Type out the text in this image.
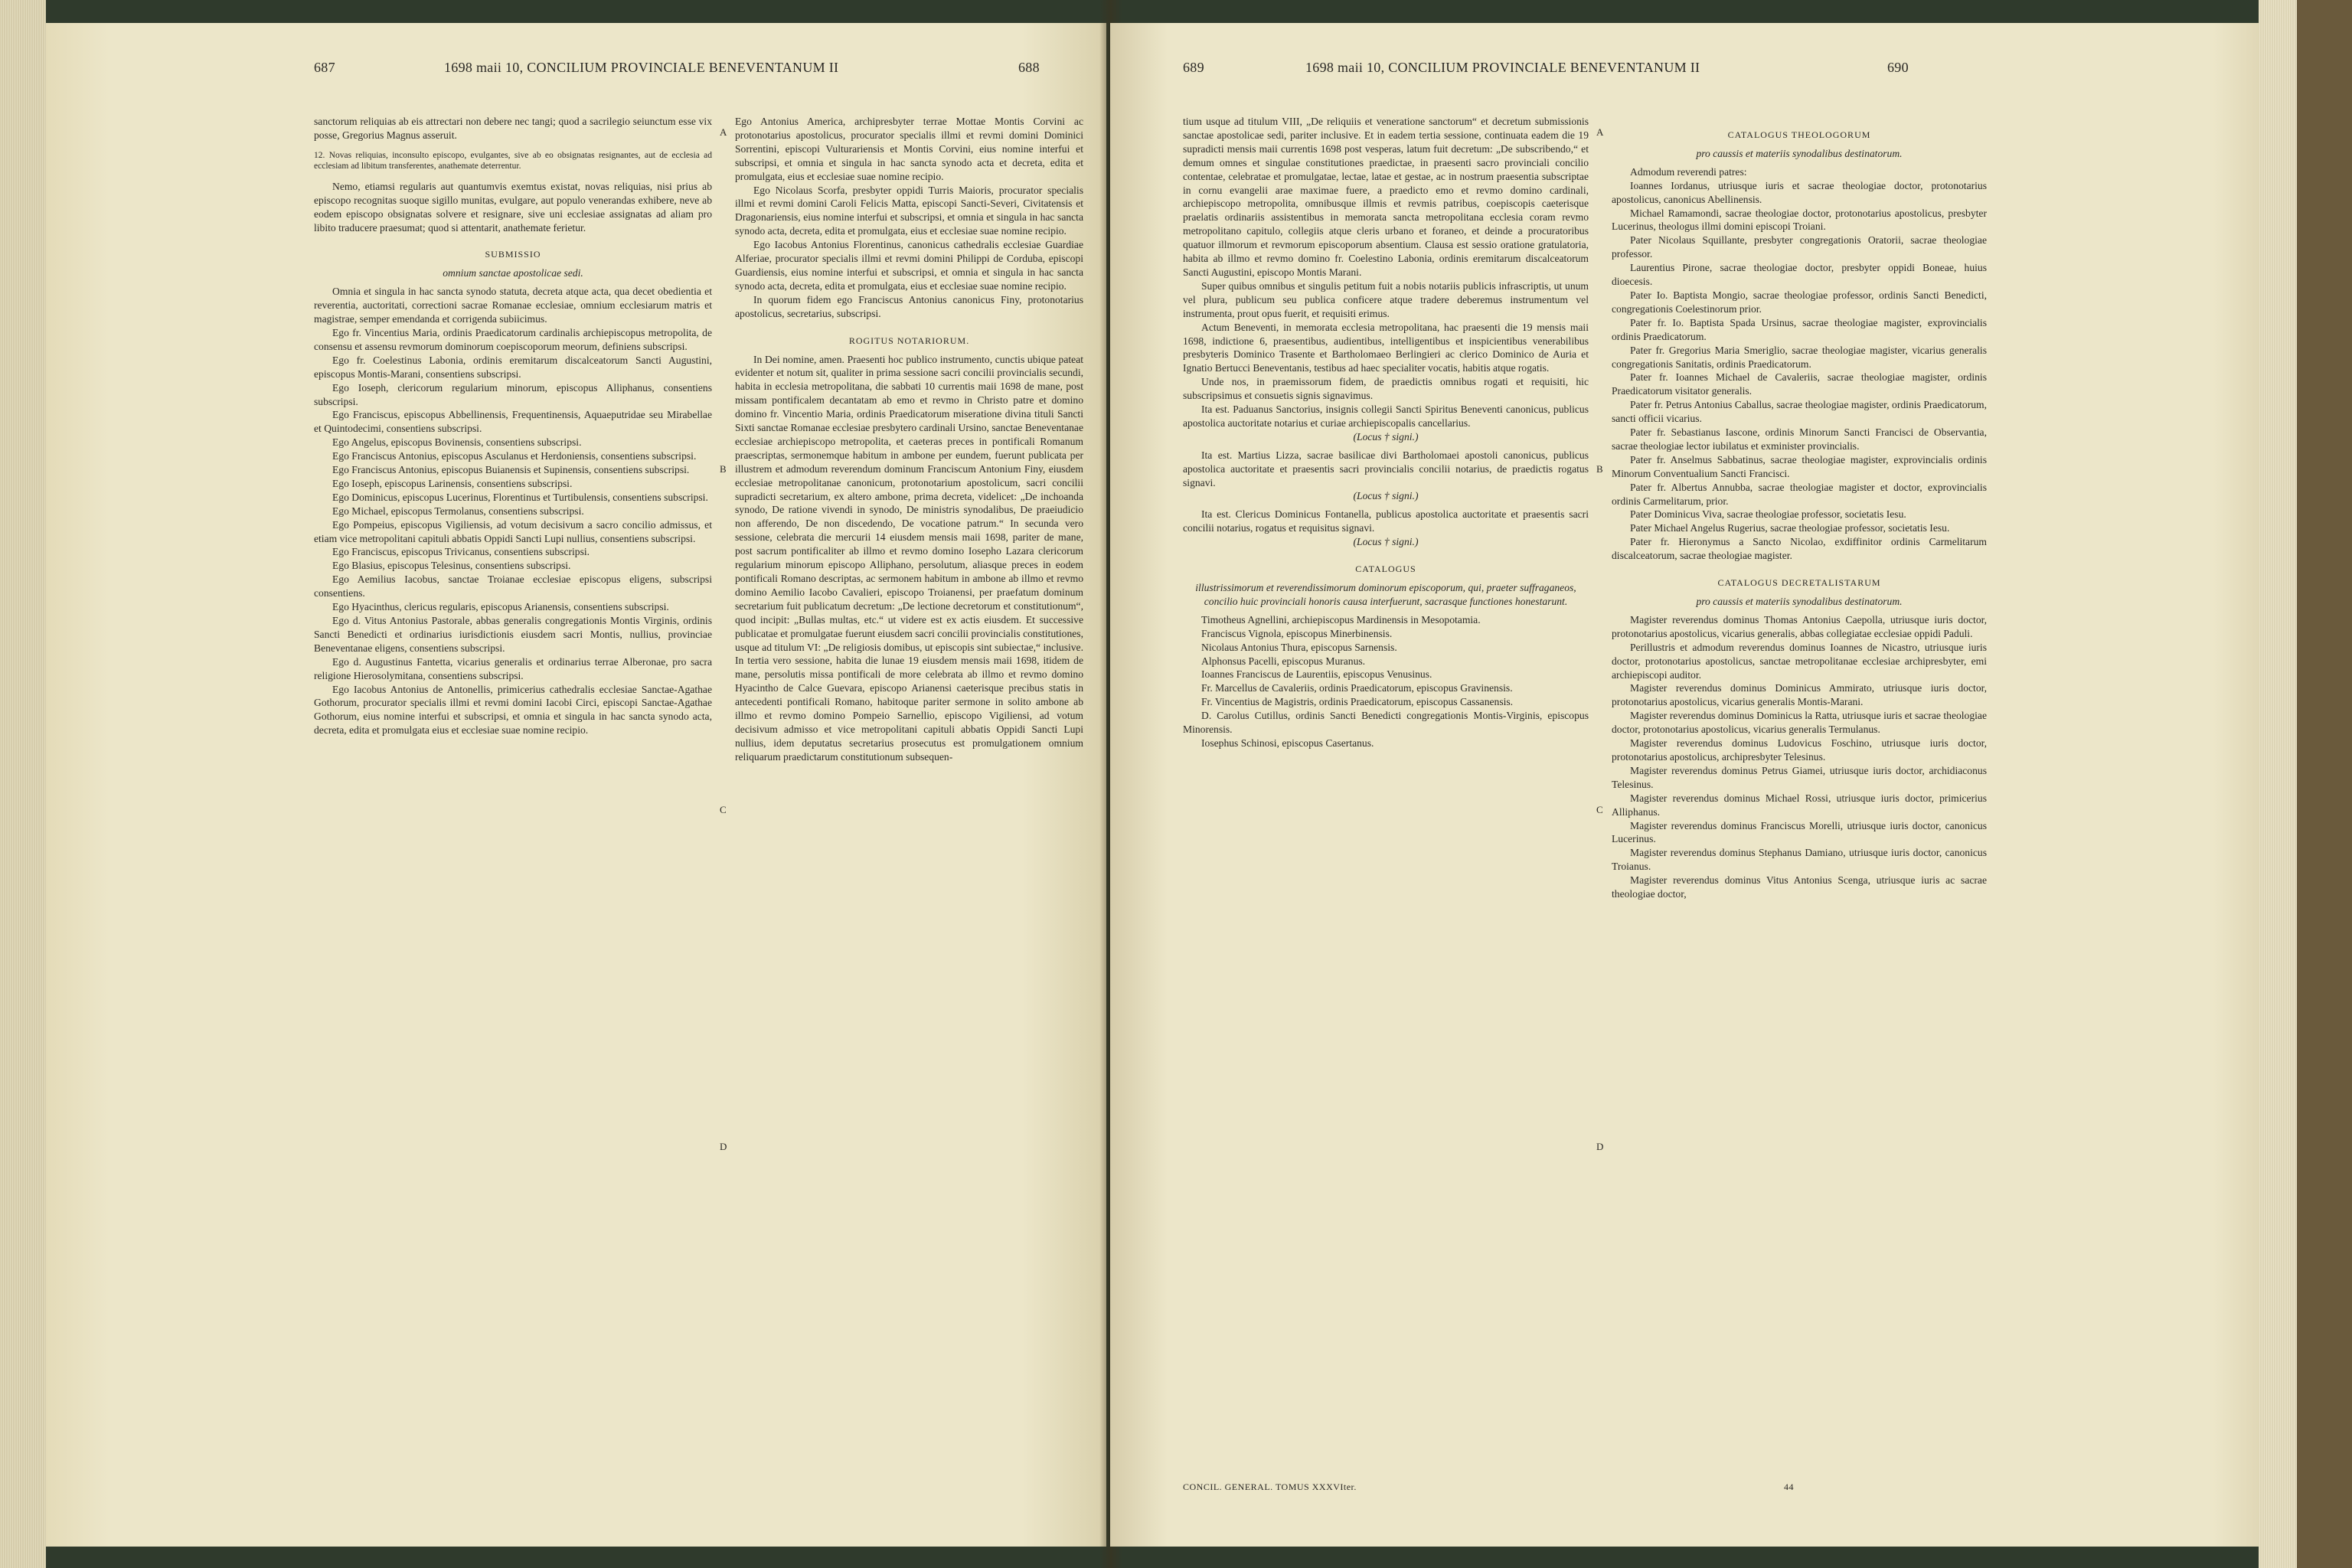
687	1698 maii 10, CONCILIUM PROVINCIALE BENEVENTANUM II	688

sanctorum reliquias ab eis attrectari non debere nec tangi; quod a sacrilegio seiunctum esse vix posse, Gregorius Magnus asseruit.

12. Novas reliquias, inconsulto episcopo, evulgantes, sive ab eo obsignatas resignantes, aut de ecclesia ad ecclesiam ad libitum transferentes, anathemate deterrentur.

Nemo, etiamsi regularis aut quantumvis exemtus existat, novas reliquias, nisi prius ab episcopo recognitas suoque sigillo munitas, evulgare, aut populo venerandas exhibere, neve ab eodem episcopo obsignatas solvere et resignare, sive uni ecclesiae assignatas ad aliam pro libito traducere praesumat; quod si attentarit, anathemate ferietur.

SUBMISSIO

omnium sanctae apostolicae sedi.

Omnia et singula in hac sancta synodo statuta, decreta atque acta, qua decet obedientia et reverentia, auctoritati, correctioni sacrae Romanae ecclesiae, omnium ecclesiarum matris et magistrae, semper emendanda et corrigenda subiicimus.

Ego fr. Vincentius Maria, ordinis Praedicatorum cardinalis archiepiscopus metropolita, de consensu et assensu revmorum dominorum coepiscoporum meorum, definiens subscripsi.

Ego fr. Coelestinus Labonia, ordinis eremitarum discalceatorum Sancti Augustini, episcopus Montis-Marani, consentiens subscripsi.

Ego Ioseph, clericorum regularium minorum, episcopus Alliphanus, consentiens subscripsi.

Ego Franciscus, episcopus Abbellinensis, Frequentinensis, Aquaeputridae seu Mirabellae et Quintodecimi, consentiens subscripsi.

Ego Angelus, episcopus Bovinensis, consentiens subscripsi.

Ego Franciscus Antonius, episcopus Asculanus et Herdoniensis, consentiens subscripsi.

Ego Franciscus Antonius, episcopus Buianensis et Supinensis, consentiens subscripsi.

Ego Ioseph, episcopus Larinensis, consentiens subscripsi.

Ego Dominicus, episcopus Lucerinus, Florentinus et Turtibulensis, consentiens subscripsi.

Ego Michael, episcopus Termolanus, consentiens subscripsi.

Ego Pompeius, episcopus Vigiliensis, ad votum decisivum a sacro concilio admissus, et etiam vice metropolitani capituli abbatis Oppidi Sancti Lupi nullius, consentiens subscripsi.

Ego Franciscus, episcopus Trivicanus, consentiens subscripsi.

Ego Blasius, episcopus Telesinus, consentiens subscripsi.

Ego Aemilius Iacobus, sanctae Troianae ecclesiae episcopus eligens, subscripsi consentiens.

Ego Hyacinthus, clericus regularis, episcopus Arianensis, consentiens subscripsi.

Ego d. Vitus Antonius Pastorale, abbas generalis congregationis Montis Virginis, ordinis Sancti Benedicti et ordinarius iurisdictionis eiusdem sacri Montis, nullius, provinciae Beneventanae eligens, consentiens subscripsi.

Ego d. Augustinus Fantetta, vicarius generalis et ordinarius terrae Alberonae, pro sacra religione Hierosolymitana, consentiens subscripsi.

Ego Iacobus Antonius de Antonellis, primicerius cathedralis ecclesiae Sanctae-Agathae Gothorum, procurator specialis illmi et revmi domini Iacobi Circi, episcopi Sanctae-Agathae Gothorum, eius nomine interfui et subscripsi, et omnia et singula in hac sancta synodo acta, decreta, edita et promulgata eius et ecclesiae suae nomine recipio.

A
B
C
D

Ego Antonius America, archipresbyter terrae Mottae Montis Corvini ac protonotarius apostolicus, procurator specialis illmi et revmi domini Dominici Sorrentini, episcopi Vulturariensis et Montis Corvini, eius nomine interfui et subscripsi, et omnia et singula in hac sancta synodo acta et decreta, edita et promulgata, eius et ecclesiae suae nomine recipio.

Ego Nicolaus Scorfa, presbyter oppidi Turris Maioris, procurator specialis illmi et revmi domini Caroli Felicis Matta, episcopi Sancti-Severi, Civitatensis et Dragonariensis, eius nomine interfui et subscripsi, et omnia et singula in hac sancta synodo acta, decreta, edita et promulgata, eius et ecclesiae suae nomine recipio.

Ego Iacobus Antonius Florentinus, canonicus cathedralis ecclesiae Guardiae Alferiae, procurator specialis illmi et revmi domini Philippi de Corduba, episcopi Guardiensis, eius nomine interfui et subscripsi, et omnia et singula in hac sancta synodo acta, decreta, edita et promulgata, eius et ecclesiae suae nomine recipio.

In quorum fidem ego Franciscus Antonius canonicus Finy, protonotarius apostolicus, secretarius, subscripsi.

ROGITUS NOTARIORUM.

In Dei nomine, amen. Praesenti hoc publico instrumento, cunctis ubique pateat evidenter et notum sit, qualiter in prima sessione sacri concilii provincialis secundi, habita in ecclesia metropolitana, die sabbati 10 currentis maii 1698 de mane, post missam pontificalem decantatam ab emo et revmo in Christo patre et domino domino fr. Vincentio Maria, ordinis Praedicatorum miseratione divina tituli Sancti Sixti sanctae Romanae ecclesiae presbytero cardinali Ursino, sanctae Beneventanae ecclesiae archiepiscopo metropolita, et caeteras preces in pontificali Romanum praescriptas, sermonemque habitum in ambone per eundem, fuerunt publicata per illustrem et admodum reverendum dominum Franciscum Antonium Finy, eiusdem ecclesiae metropolitanae canonicum, protonotarium apostolicum, sacri concilii supradicti secretarium, ex altero ambone, prima decreta, videlicet: „De inchoanda synodo, De ratione vivendi in synodo, De ministris synodalibus, De praeiudicio non afferendo, De non discedendo, De vocatione patrum.“ In secunda vero sessione, celebrata die mercurii 14 eiusdem mensis maii 1698, pariter de mane, post sacrum pontificaliter ab illmo et revmo domino Iosepho Lazara clericorum regularium minorum episcopo Alliphano, persolutum, aliasque preces in eodem pontificali Romano descriptas, ac sermonem habitum in ambone ab illmo et revmo domino Aemilio Iacobo Cavalieri, episcopo Troianensi, per praefatum dominum secretarium fuit publicatum decretum: „De lectione decretorum et constitutionum“, quod incipit: „Bullas multas, etc.“ ut videre est ex actis eiusdem. Et successive publicatae et promulgatae fuerunt eiusdem sacri concilii provincialis constitutiones, usque ad titulum VI: „De religiosis domibus, ut episcopis sint subiectae,“ inclusive. In tertia vero sessione, habita die lunae 19 eiusdem mensis maii 1698, itidem de mane, persolutis missa pontificali de more celebrata ab illmo et revmo domino Hyacintho de Calce Guevara, episcopo Arianensi caeterisque precibus statis in antecedenti pontificali Romano, habitoque pariter sermone in solito ambone ab illmo et revmo domino Pompeio Sarnellio, episcopo Vigiliensi, ad votum decisivum admisso et vice metropolitani capituli abbatis Oppidi Sancti Lupi nullius, idem deputatus secretarius prosecutus est promulgationem omnium reliquarum praedictarum constitutionum subsequen-

689	1698 maii 10, CONCILIUM PROVINCIALE BENEVENTANUM II	690

tium usque ad titulum VIII, „De reliquiis et veneratione sanctorum“ et decretum submissionis sanctae apostolicae sedi, pariter inclusive. Et in eadem tertia sessione, continuata eadem die 19 supradicti mensis maii currentis 1698 post vesperas, latum fuit decretum: „De subscribendo,“ et demum omnes et singulae constitutiones praedictae, in praesenti sacro provinciali concilio contentae, celebratae et promulgatae, lectae, latae et gestae, ac in nostrum praesentia subscriptae in cornu evangelii arae maximae fuere, a praedicto emo et revmo domino cardinali, archiepiscopo metropolita, omnibusque illmis et revmis patribus, coepiscopis caeterisque praelatis ordinariis assistentibus in memorata sancta metropolitana ecclesia coram revmo metropolitano capitulo, collegiis atque cleris urbano et foraneo, et deinde a procuratoribus quatuor illmorum et revmorum episcoporum absentium. Clausa est sessio oratione gratulatoria, habita ab illmo et revmo domino fr. Coelestino Labonia, ordinis eremitarum discalceatorum Sancti Augustini, episcopo Montis Marani.

Super quibus omnibus et singulis petitum fuit a nobis notariis publicis infrascriptis, ut unum vel plura, publicum seu publica conficere atque tradere deberemus instrumentum vel instrumenta, prout opus fuerit, et requisiti erimus.

Actum Beneventi, in memorata ecclesia metropolitana, hac praesenti die 19 mensis maii 1698, indictione 6, praesentibus, audientibus, intelligentibus et inspicientibus venerabilibus presbyteris Dominico Trasente et Bartholomaeo Berlingieri ac clerico Dominico de Auria et Ignatio Bertucci Beneventanis, testibus ad haec specialiter vocatis, habitis atque rogatis.

Unde nos, in praemissorum fidem, de praedictis omnibus rogati et requisiti, hic subscripsimus et consuetis signis signavimus.

Ita est. Paduanus Sanctorius, insignis collegii Sancti Spiritus Beneventi canonicus, publicus apostolica auctoritate notarius et curiae archiepiscopalis cancellarius.

(Locus † signi.)

Ita est. Martius Lizza, sacrae basilicae divi Bartholomaei apostoli canonicus, publicus apostolica auctoritate et praesentis sacri provincialis concilii notarius, de praedictis rogatus signavi.

(Locus † signi.)

Ita est. Clericus Dominicus Fontanella, publicus apostolica auctoritate et praesentis sacri concilii notarius, rogatus et requisitus signavi.

(Locus † signi.)

CATALOGUS

illustrissimorum et reverendissimorum dominorum episcoporum, qui, praeter suffraganeos, concilio huic provinciali honoris causa interfuerunt, sacrasque functiones honestarunt.

Timotheus Agnellini, archiepiscopus Mardinensis in Mesopotamia.

Franciscus Vignola, episcopus Minerbinensis.

Nicolaus Antonius Thura, episcopus Sarnensis.

Alphonsus Pacelli, episcopus Muranus.

Ioannes Franciscus de Laurentiis, episcopus Venusinus.

Fr. Marcellus de Cavaleriis, ordinis Praedicatorum, episcopus Gravinensis.

Fr. Vincentius de Magistris, ordinis Praedicatorum, episcopus Cassanensis.

D. Carolus Cutillus, ordinis Sancti Benedicti congregationis Montis-Virginis, episcopus Minorensis.

Iosephus Schinosi, episcopus Casertanus.

A
B
C
D

CATALOGUS THEOLOGORUM

pro caussis et materiis synodalibus destinatorum.

Admodum reverendi patres:

Ioannes Iordanus, utriusque iuris et sacrae theologiae doctor, protonotarius apostolicus, canonicus Abellinensis.

Michael Ramamondi, sacrae theologiae doctor, protonotarius apostolicus, presbyter Lucerinus, theologus illmi domini episcopi Troiani.

Pater Nicolaus Squillante, presbyter congregationis Oratorii, sacrae theologiae professor.

Laurentius Pirone, sacrae theologiae doctor, presbyter oppidi Boneae, huius dioecesis.

Pater Io. Baptista Mongio, sacrae theologiae professor, ordinis Sancti Benedicti, congregationis Coelestinorum prior.

Pater fr. Io. Baptista Spada Ursinus, sacrae theologiae magister, exprovincialis ordinis Praedicatorum.

Pater fr. Gregorius Maria Smeriglio, sacrae theologiae magister, vicarius generalis congregationis Sanitatis, ordinis Praedicatorum.

Pater fr. Ioannes Michael de Cavaleriis, sacrae theologiae magister, ordinis Praedicatorum visitator generalis.

Pater fr. Petrus Antonius Caballus, sacrae theologiae magister, ordinis Praedicatorum, sancti officii vicarius.

Pater fr. Sebastianus Iascone, ordinis Minorum Sancti Francisci de Observantia, sacrae theologiae lector iubilatus et exminister provincialis.

Pater fr. Anselmus Sabbatinus, sacrae theologiae magister, exprovincialis ordinis Minorum Conventualium Sancti Francisci.

Pater fr. Albertus Annubba, sacrae theologiae magister et doctor, exprovincialis ordinis Carmelitarum, prior.

Pater Dominicus Viva, sacrae theologiae professor, societatis Iesu.

Pater Michael Angelus Rugerius, sacrae theologiae professor, societatis Iesu.

Pater fr. Hieronymus a Sancto Nicolao, exdiffinitor ordinis Carmelitarum discalceatorum, sacrae theologiae magister.

CATALOGUS DECRETALISTARUM

pro caussis et materiis synodalibus destinatorum.

Magister reverendus dominus Thomas Antonius Caepolla, utriusque iuris doctor, protonotarius apostolicus, vicarius generalis, abbas collegiatae ecclesiae oppidi Paduli.

Perillustris et admodum reverendus dominus Ioannes de Nicastro, utriusque iuris doctor, protonotarius apostolicus, sanctae metropolitanae ecclesiae archipresbyter, emi archiepiscopi auditor.

Magister reverendus dominus Dominicus Ammirato, utriusque iuris doctor, protonotarius apostolicus, vicarius generalis Montis-Marani.

Magister reverendus dominus Dominicus la Ratta, utriusque iuris et sacrae theologiae doctor, protonotarius apostolicus, vicarius generalis Termulanus.

Magister reverendus dominus Ludovicus Foschino, utriusque iuris doctor, protonotarius apostolicus, archipresbyter Telesinus.

Magister reverendus dominus Petrus Giamei, utriusque iuris doctor, archidiaconus Telesinus.

Magister reverendus dominus Michael Rossi, utriusque iuris doctor, primicerius Alliphanus.

Magister reverendus dominus Franciscus Morelli, utriusque iuris doctor, canonicus Lucerinus.

Magister reverendus dominus Stephanus Damiano, utriusque iuris doctor, canonicus Troianus.

Magister reverendus dominus Vitus Antonius Scenga, utriusque iuris ac sacrae theologiae doctor,

CONCIL. GENERAL. TOMUS XXXVIter.	44
